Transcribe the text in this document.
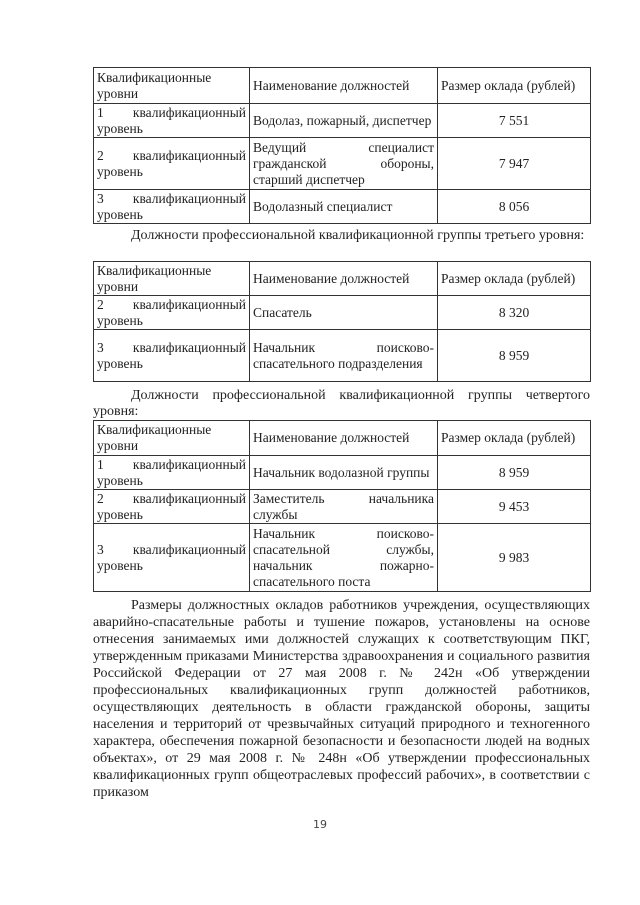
Квалификационные уровни	Наименование должностей	Размер оклада (рублей)
1 квалификационный уровень	Водолаз, пожарный, диспетчер	7 551
2 квалификационный уровень	Ведущий специалист гражданской обороны, старший диспетчер	7 947
3 квалификационный уровень	Водолазный специалист	8 056
Должности профессиональной квалификационной группы третьего уровня:
Квалификационные уровни	Наименование должностей	Размер оклада (рублей)
2 квалификационный уровень	Спасатель	8 320
3 квалификационный уровень	Начальник поисково-спасательного подразделения	8 959
Должности профессиональной квалификационной группы четвертого уровня:
Квалификационные уровни	Наименование должностей	Размер оклада (рублей)
1 квалификационный уровень	Начальник водолазной группы	8 959
2 квалификационный уровень	Заместитель начальника службы	9 453
3 квалификационный уровень	Начальник поисково-спасательной службы, начальник пожарно-спасательного поста	9 983
Размеры должностных окладов работников учреждения, осуществляющих аварийно-спасательные работы и тушение пожаров, установлены на основе отнесения занимаемых ими должностей служащих к соответствующим ПКГ, утвержденным приказами Министерства здравоохранения и социального развития Российской Федерации от 27 мая 2008 г. № 242н «Об утверждении профессиональных квалификационных групп должностей работников, осуществляющих деятельность в области гражданской обороны, защиты населения и территорий от чрезвычайных ситуаций природного и техногенного характера, обеспечения пожарной безопасности и безопасности людей на водных объектах», от 29 мая 2008 г. № 248н «Об утверждении профессиональных квалификационных групп общеотраслевых профессий рабочих», в соответствии с приказом
19
